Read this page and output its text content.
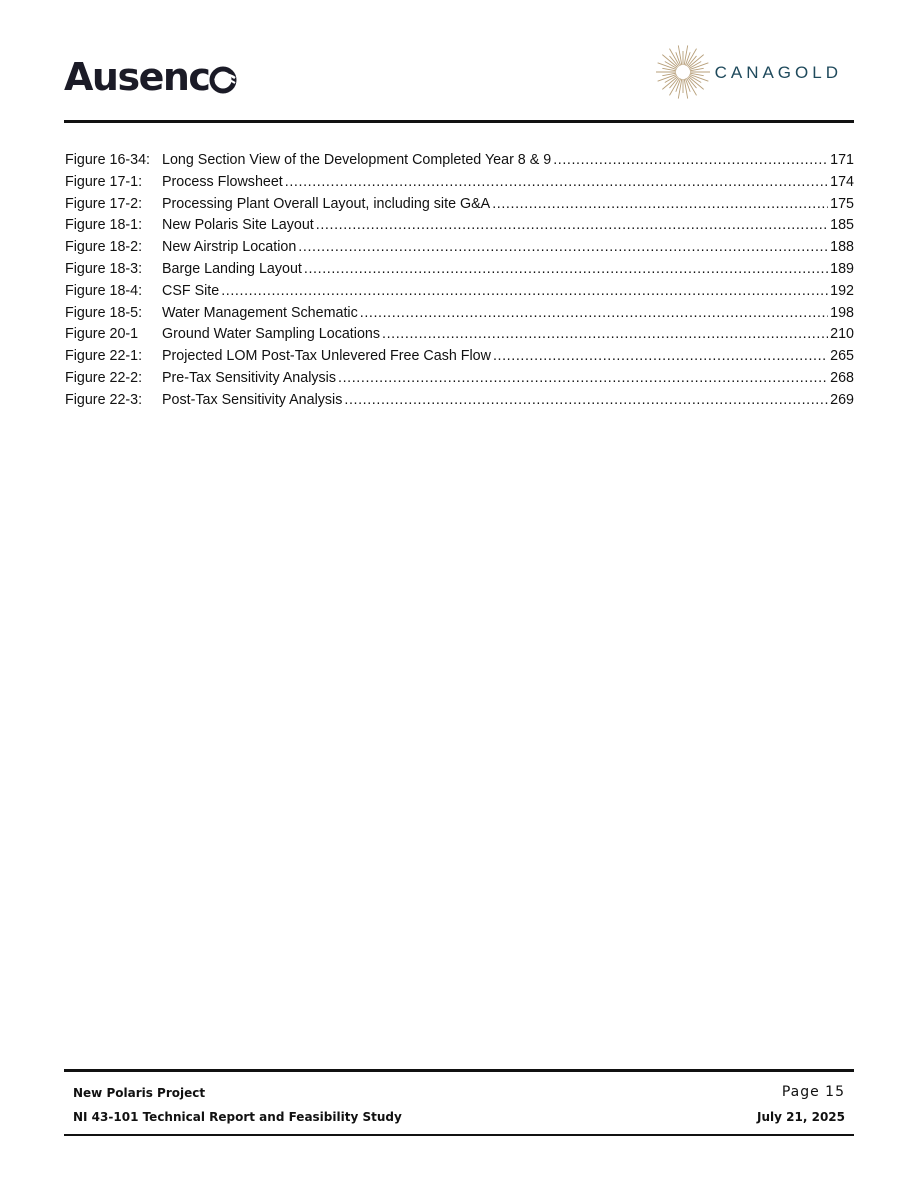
Ausenc	CANAGOLD
Figure 16-34: Long Section View of the Development Completed Year 8 & 9 .....	171
Figure 17-1:	Process Flowsheet .....	174
Figure 17-2:	Processing Plant Overall Layout, including site G&A .....	175
Figure 18-1:	New Polaris Site Layout .....	185
Figure 18-2:	New Airstrip Location .....	188
Figure 18-3:	Barge Landing Layout .....	189
Figure 18-4:	CSF Site .....	192
Figure 18-5:	Water Management Schematic .....	198
Figure 20-1	Ground Water Sampling Locations .....	210
Figure 22-1:	Projected LOM Post-Tax Unlevered Free Cash Flow .....	265
Figure 22-2:	Pre-Tax Sensitivity Analysis .....	268
Figure 22-3:	Post-Tax Sensitivity Analysis .....	269
New Polaris Project
NI 43-101 Technical Report and Feasibility Study
Page 15
July 21, 2025
